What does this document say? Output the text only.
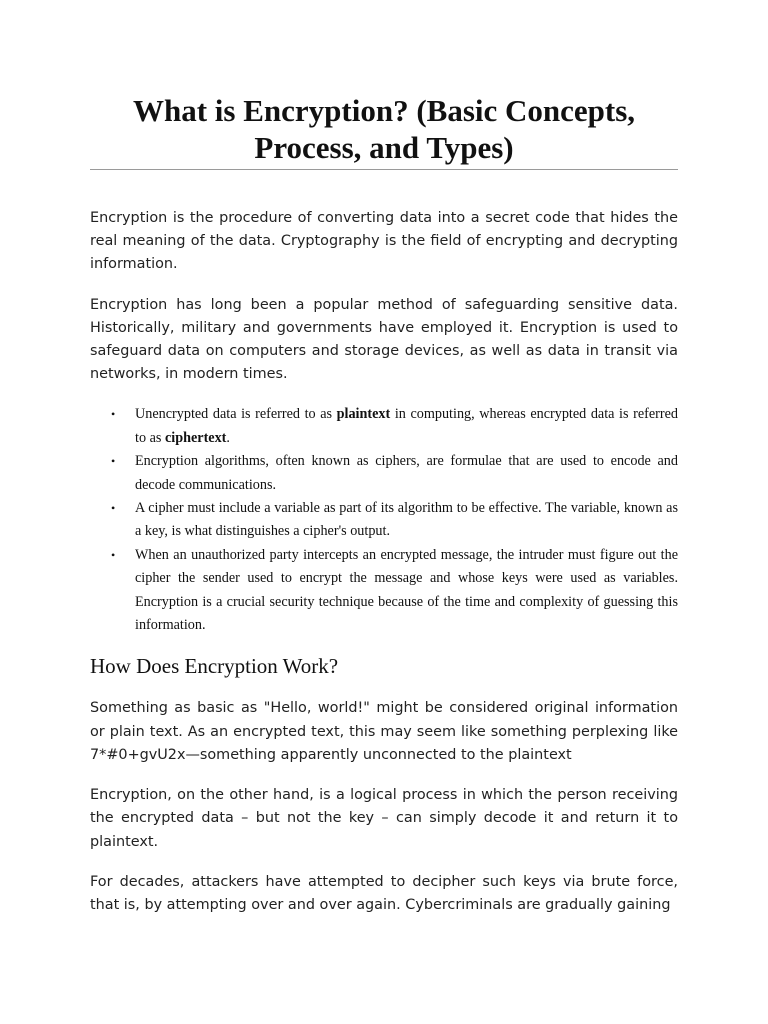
What is Encryption? (Basic Concepts, Process, and Types)

Encryption is the procedure of converting data into a secret code that hides the real meaning of the data. Cryptography is the field of encrypting and decrypting information.

Encryption has long been a popular method of safeguarding sensitive data. Historically, military and governments have employed it. Encryption is used to safeguard data on computers and storage devices, as well as data in transit via networks, in modern times.

• Unencrypted data is referred to as plaintext in computing, whereas encrypted data is referred to as ciphertext.
• Encryption algorithms, often known as ciphers, are formulae that are used to encode and decode communications.
• A cipher must include a variable as part of its algorithm to be effective. The variable, known as a key, is what distinguishes a cipher's output.
• When an unauthorized party intercepts an encrypted message, the intruder must figure out the cipher the sender used to encrypt the message and whose keys were used as variables. Encryption is a crucial security technique because of the time and complexity of guessing this information.
How Does Encryption Work?

Something as basic as "Hello, world!" might be considered original information or plain text. As an encrypted text, this may seem like something perplexing like 7*#0+gvU2x—something apparently unconnected to the plaintext

Encryption, on the other hand, is a logical process in which the person receiving the encrypted data – but not the key – can simply decode it and return it to plaintext.

For decades, attackers have attempted to decipher such keys via brute force, that is, by attempting over and over again. Cybercriminals are gradually gaining
